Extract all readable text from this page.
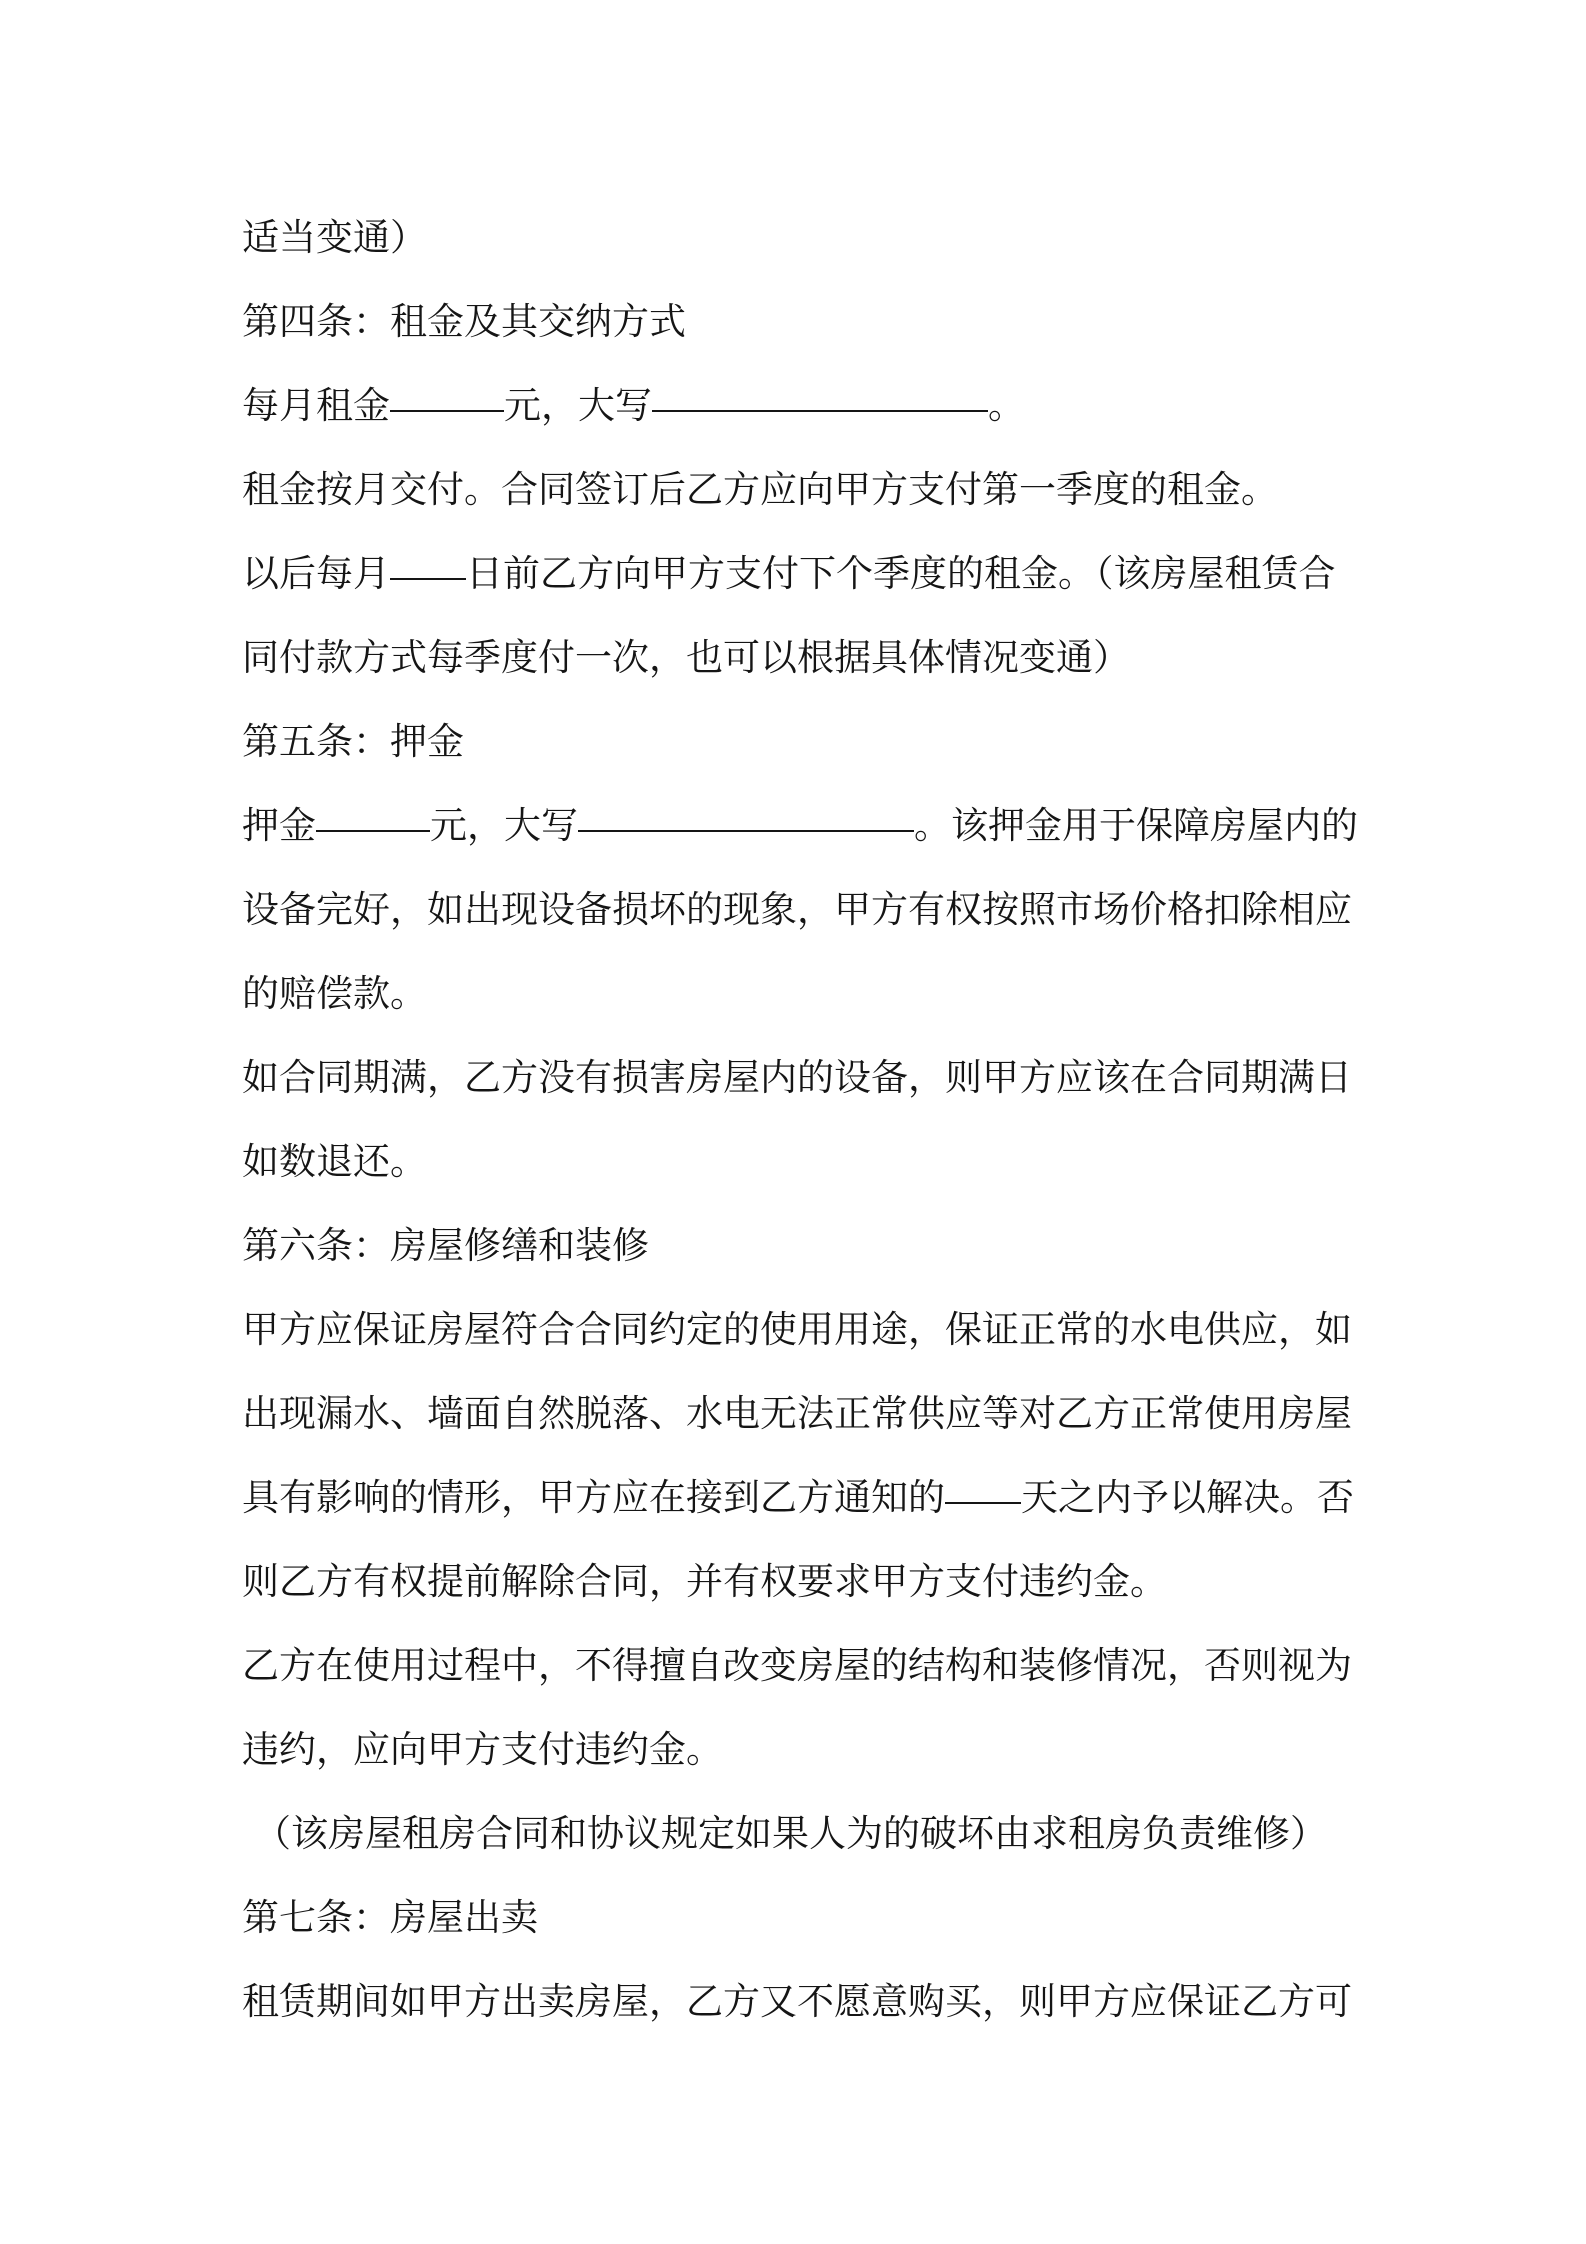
适当变通）
第四条：租金及其交纳方式
每月租金	元，大写	。
租金按月交付。合同签订后乙方应向甲方支付第一季度的租金。
以后每月 日前乙方向甲方支付下个季度的租金。（该房屋租赁合
同付款方式每季度付一次，也可以根据具体情况变通）
第五条：押金
押金	元，大写	。该押金用于保障房屋内的
设备完好，如出现设备损坏的现象，甲方有权按照市场价格扣除相应
的赔偿款。
如合同期满，乙方没有损害房屋内的设备，则甲方应该在合同期满日
如数退还。
第六条：房屋修缮和装修
甲方应保证房屋符合合同约定的使用用途，保证正常的水电供应，如
出现漏水、墙面自然脱落、水电无法正常供应等对乙方正常使用房屋
具有影响的情形，甲方应在接到乙方通知的 天之内予以解决。否
则乙方有权提前解除合同，并有权要求甲方支付违约金。
乙方在使用过程中，不得擅自改变房屋的结构和装修情况，否则视为
违约，应向甲方支付违约金。
（该房屋租房合同和协议规定如果人为的破坏由求租房负责维修）
第七条：房屋出卖
租赁期间如甲方出卖房屋，乙方又不愿意购买，则甲方应保证乙方可
